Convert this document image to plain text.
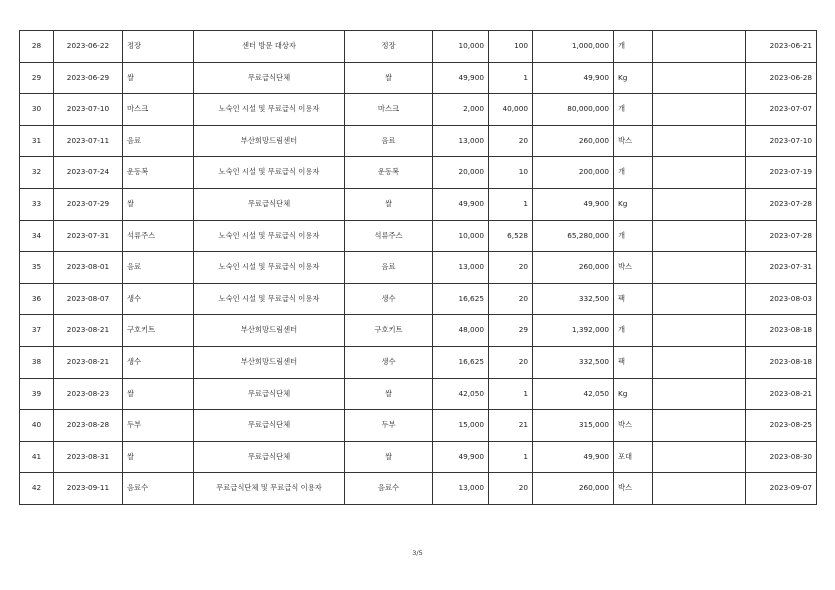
28	2023-06-22	정장	센터 방문 대상자	정장	10,000	100	1,000,000	개		2023-06-21
29	2023-06-29	쌀	무료급식단체	쌀	49,900	1	49,900	Kg		2023-06-28
30	2023-07-10	마스크	노숙인 시설 및 무료급식 이용자	마스크	2,000	40,000	80,000,000	개		2023-07-07
31	2023-07-11	음료	부산희망드림센터	음료	13,000	20	260,000	박스		2023-07-10
32	2023-07-24	운동복	노숙인 시설 및 무료급식 이용자	운동복	20,000	10	200,000	개		2023-07-19
33	2023-07-29	쌀	무료급식단체	쌀	49,900	1	49,900	Kg		2023-07-28
34	2023-07-31	석류주스	노숙인 시설 및 무료급식 이용자	석류주스	10,000	6,528	65,280,000	개		2023-07-28
35	2023-08-01	음료	노숙인 시설 및 무료급식 이용자	음료	13,000	20	260,000	박스		2023-07-31
36	2023-08-07	생수	노숙인 시설 및 무료급식 이용자	생수	16,625	20	332,500	팩		2023-08-03
37	2023-08-21	구호키트	부산희망드림센터	구호키트	48,000	29	1,392,000	개		2023-08-18
38	2023-08-21	생수	부산희망드림센터	생수	16,625	20	332,500	팩		2023-08-18
39	2023-08-23	쌀	무료급식단체	쌀	42,050	1	42,050	Kg		2023-08-21
40	2023-08-28	두부	무료급식단체	두부	15,000	21	315,000	박스		2023-08-25
41	2023-08-31	쌀	무료급식단체	쌀	49,900	1	49,900	포대		2023-08-30
42	2023-09-11	음료수	무료급식단체 및 무료급식 이용자	음료수	13,000	20	260,000	박스		2023-09-07
3/5
